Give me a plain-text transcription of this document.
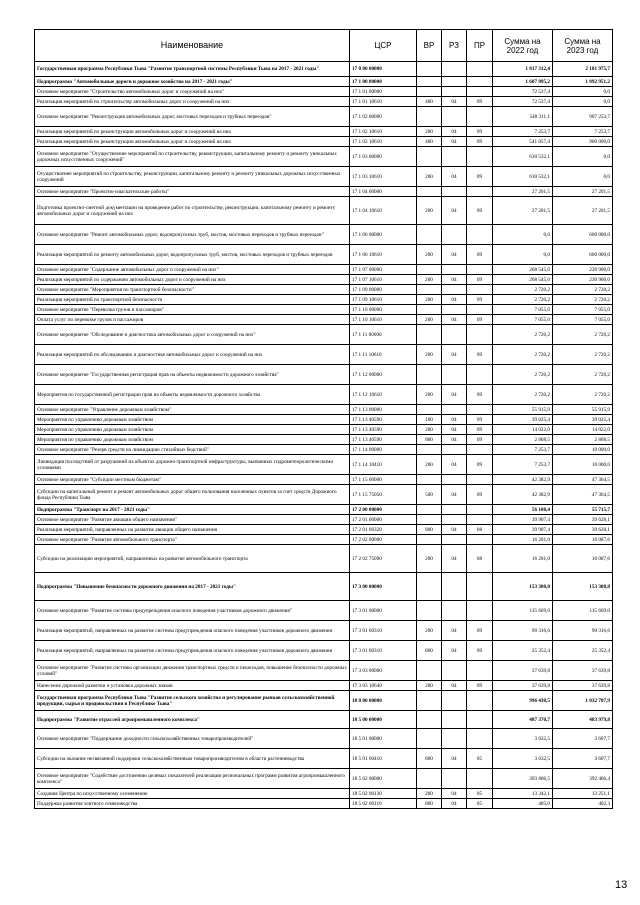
Наименование	ЦСР	ВР	РЗ	ПР	Сумма на 2022 год	Сумма на 2023 год
Государственная программа Республики Тыва "Развитие транспортной системы Республики Тыва на 2017 - 2021 годы"	17 0 00 00000				1 817 312,4	2 101 975,7
Подпрограмма "Автомобильные дороги и дорожное хозяйство на 2017 - 2021 годы"	17 1 00 00000				1 607 895,2	1 892 951,2
Основное мероприятие "Строительство автомобильных дорог и сооружений на них"	17 1 01 00000				72 537,4	0,0
Реализация мероприятий по строительству автомобильных дорог и сооружений на них	17 1 01 10610	400	04	09	72 537,4	0,0
Основное мероприятие "Реконструкция автомобильных дорог, мостовых переходов и трубных переездов"	17 1 02 00000				548 311,1	907 253,7
Реализация мероприятий по реконструкции автомобильных дорог и сооружений на них	17 1 02 10610	200	04	09	7 253,7	7 253,7
Реализация мероприятий по реконструкции автомобильных дорог и сооружений на них	17 1 02 10610	400	04	09	541 057,4	900 000,0
Основное мероприятие "Осуществление мероприятий по строительству, реконструкции, капитальному ремонту и ремонту уникальных дорожных искусственных сооружений"	17 1 03 00000				630 532,1	0,0
Осуществление мероприятий по строительству, реконструкции, капитальному ремонту и ремонту уникальных дорожных искусственных сооружений	17 1 03 10610	200	04	09	630 532,1	0,0
Основное мероприятие "Проектно-изыскательские работы"	17 1 04 00000				27 201,5	27 201,5
Подготовка проектно-сметной документации на проведение работ по строительству, реконструкции, капитальному ремонту и ремонту автомобильных дорог и сооружений на них	17 1 04 10610	200	04	09	27 201,5	27 201,5
Основное мероприятие "Ремонт автомобильных дорог, водопропускных труб, мостов, мостовых переходов и трубных переездов"	17 1 06 00000				0,0	600 000,0
Реализация мероприятий по ремонту автомобильных дорог, водопропускных труб, мостов, мостовых переходов и трубных переездов	17 1 06 10610	200	04	09	0,0	600 000,0
Основное мероприятие "Содержание автомобильных дорог и сооружений на них"	17 1 07 00000				268 545,0	230 900,0
Реализация мероприятий по содержанию автомобильных дорог и сооружений на них	17 1 07 10610	200	04	09	268 545,0	230 900,0
Основное мероприятие "Мероприятия по транспортной безопасности"	17 1 09 00000				2 720,2	2 720,2
Реализация мероприятий по транспортной безопасности	17 1 09 10610	200	04	09	2 720,2	2 720,2
Основное мероприятие "Перевозка грузов и пассажиров"	17 1 10 00000				7 055,0	7 055,0
Оплата услуг по перевозке грузов и пассажиров	17 1 10 10610	200	04	09	7 055,0	7 055,0
Основное мероприятие "Обследование и диагностика автомобильных дорог и сооружений на них"	17 1 11 00000				2 720,2	2 720,2
Реализация мероприятий по обследованию и диагностике автомобильных дорог и сооружений на них	17 1 11 10610	200	04	09	2 720,2	2 720,2
Основное мероприятие "Государственная регистрация прав на объекты недвижимости дорожного хозяйства"	17 1 12 00000				2 720,2	2 720,2
Мероприятия по государственной регистрации прав на объекты недвижимости дорожного хозяйства	17 1 12 10610	200	04	09	2 720,2	2 720,2
Основное мероприятие "Управление дорожным хозяйством"	17 1 13 00000				55 915,9	55 915,9
Мероприятия по управлению дорожным хозяйством	17 1 13 40590	100	04	09	39 025,4	39 025,4
Мероприятия по управлению дорожным хозяйством	17 1 13 40590	200	04	09	14 022,0	14 022,0
Мероприятия по управлению дорожным хозяйством	17 1 13 40590	800	04	09	2 868,5	2 868,5
Основное мероприятие "Резерв средств на ликвидацию стихийных бедствий"	17 1 14 00000				7 253,7	10 000,0
Ликвидация последствий от разрушений на объектах дорожно-транспортной инфраструктуры, вызванных гидрометеорологическими условиями	17 1 14 10410	200	04	09	7 253,7	10 000,0
Основное мероприятие "Субсидии местным бюджетам"	17 1 15 00000				42 382,9	47 364,5
Субсидии на капитальный ремонт и ремонт автомобильных дорог общего пользования населенных пунктов за счет средств Дорожного фонда Республики Тыва	17 1 15 75050	500	04	09	42 382,9	47 364,5
Подпрограмма "Транспорт на 2017 - 2021 годы"	17 2 00 00000				56 108,4	55 715,7
Основное мероприятие "Развитие авиации общего назначения"	17 2 01 00000				39 907,4	39 628,1
Реализация мероприятий, направленных на развитие авиации общего назначения	17 2 01 60320	800	04	08	39 907,4	39 628,1
Основное мероприятие "Развитие автомобильного транспорта"	17 2 02 00000				16 201,0	16 087,6
Субсидии на реализацию мероприятий, направленных на развитие автомобильного транспорта	17 2 02 75090	200	04	08	16 201,0	16 087,6
Подпрограмма "Повышение безопасности дорожного движения на 2017 - 2021 годы"	17 3 00 00000				153 308,8	153 308,8
Основное мероприятие "Развитие системы предупреждения опасного поведения участников дорожного движения"	17 3 01 00000				115 669,0	115 669,0
Реализация мероприятий, направленных на развитие системы предупреждения опасного поведения участников дорожного движения	17 3 01 60310	200	04	09	90 316,6	90 316,6
Реализация мероприятий, направленных на развитие системы предупреждения опасного поведения участников дорожного движения	17 3 01 60310	800	04	09	25 352,4	25 352,4
Основное мероприятие "Развитие системы организации движения транспортных средств и пешеходов, повышение безопасности дорожных условий"	17 3 03 00000				37 639,8	37 639,8
Нанесение дорожной разметки и установка дорожных знаков	17 3 03 10640	200	04	09	37 639,8	37 639,8
Государственная программа Республики Тыва "Развитие сельского хозяйства и регулирование рынков сельскохозяйственной продукции, сырья и продовольствия в Республике Тыва"	18 0 00 00000				996 438,5	1 032 787,9
Подпрограмма "Развитие отраслей агропромышленного комплекса"	18 5 00 00000				487 370,7	483 979,8
Основное мероприятие "Поддержание доходности сельскохозяйственных товаропроизводителей"	18 5 01 00000				3 632,5	3 607,7
Субсидии на оказание несвязанной поддержки сельскохозяйственным товаропроизводителям в области растениеводства	18 5 01 60410	800	04	05	3 632,5	3 607,7
Основное мероприятие "Содействие достижению целевых показателей реализации региональных программ развития агропромышленного комплекса"	18 5 02 00000				393 806,5	392 406,4
Создание Центра по искусственному осеменению	18 5 02 00130	200	04	05	13 342,1	13 251,1
Поддержка развития элитного семеноводства	18 5 02 60110	800	04	05	405,0	402,3
13
